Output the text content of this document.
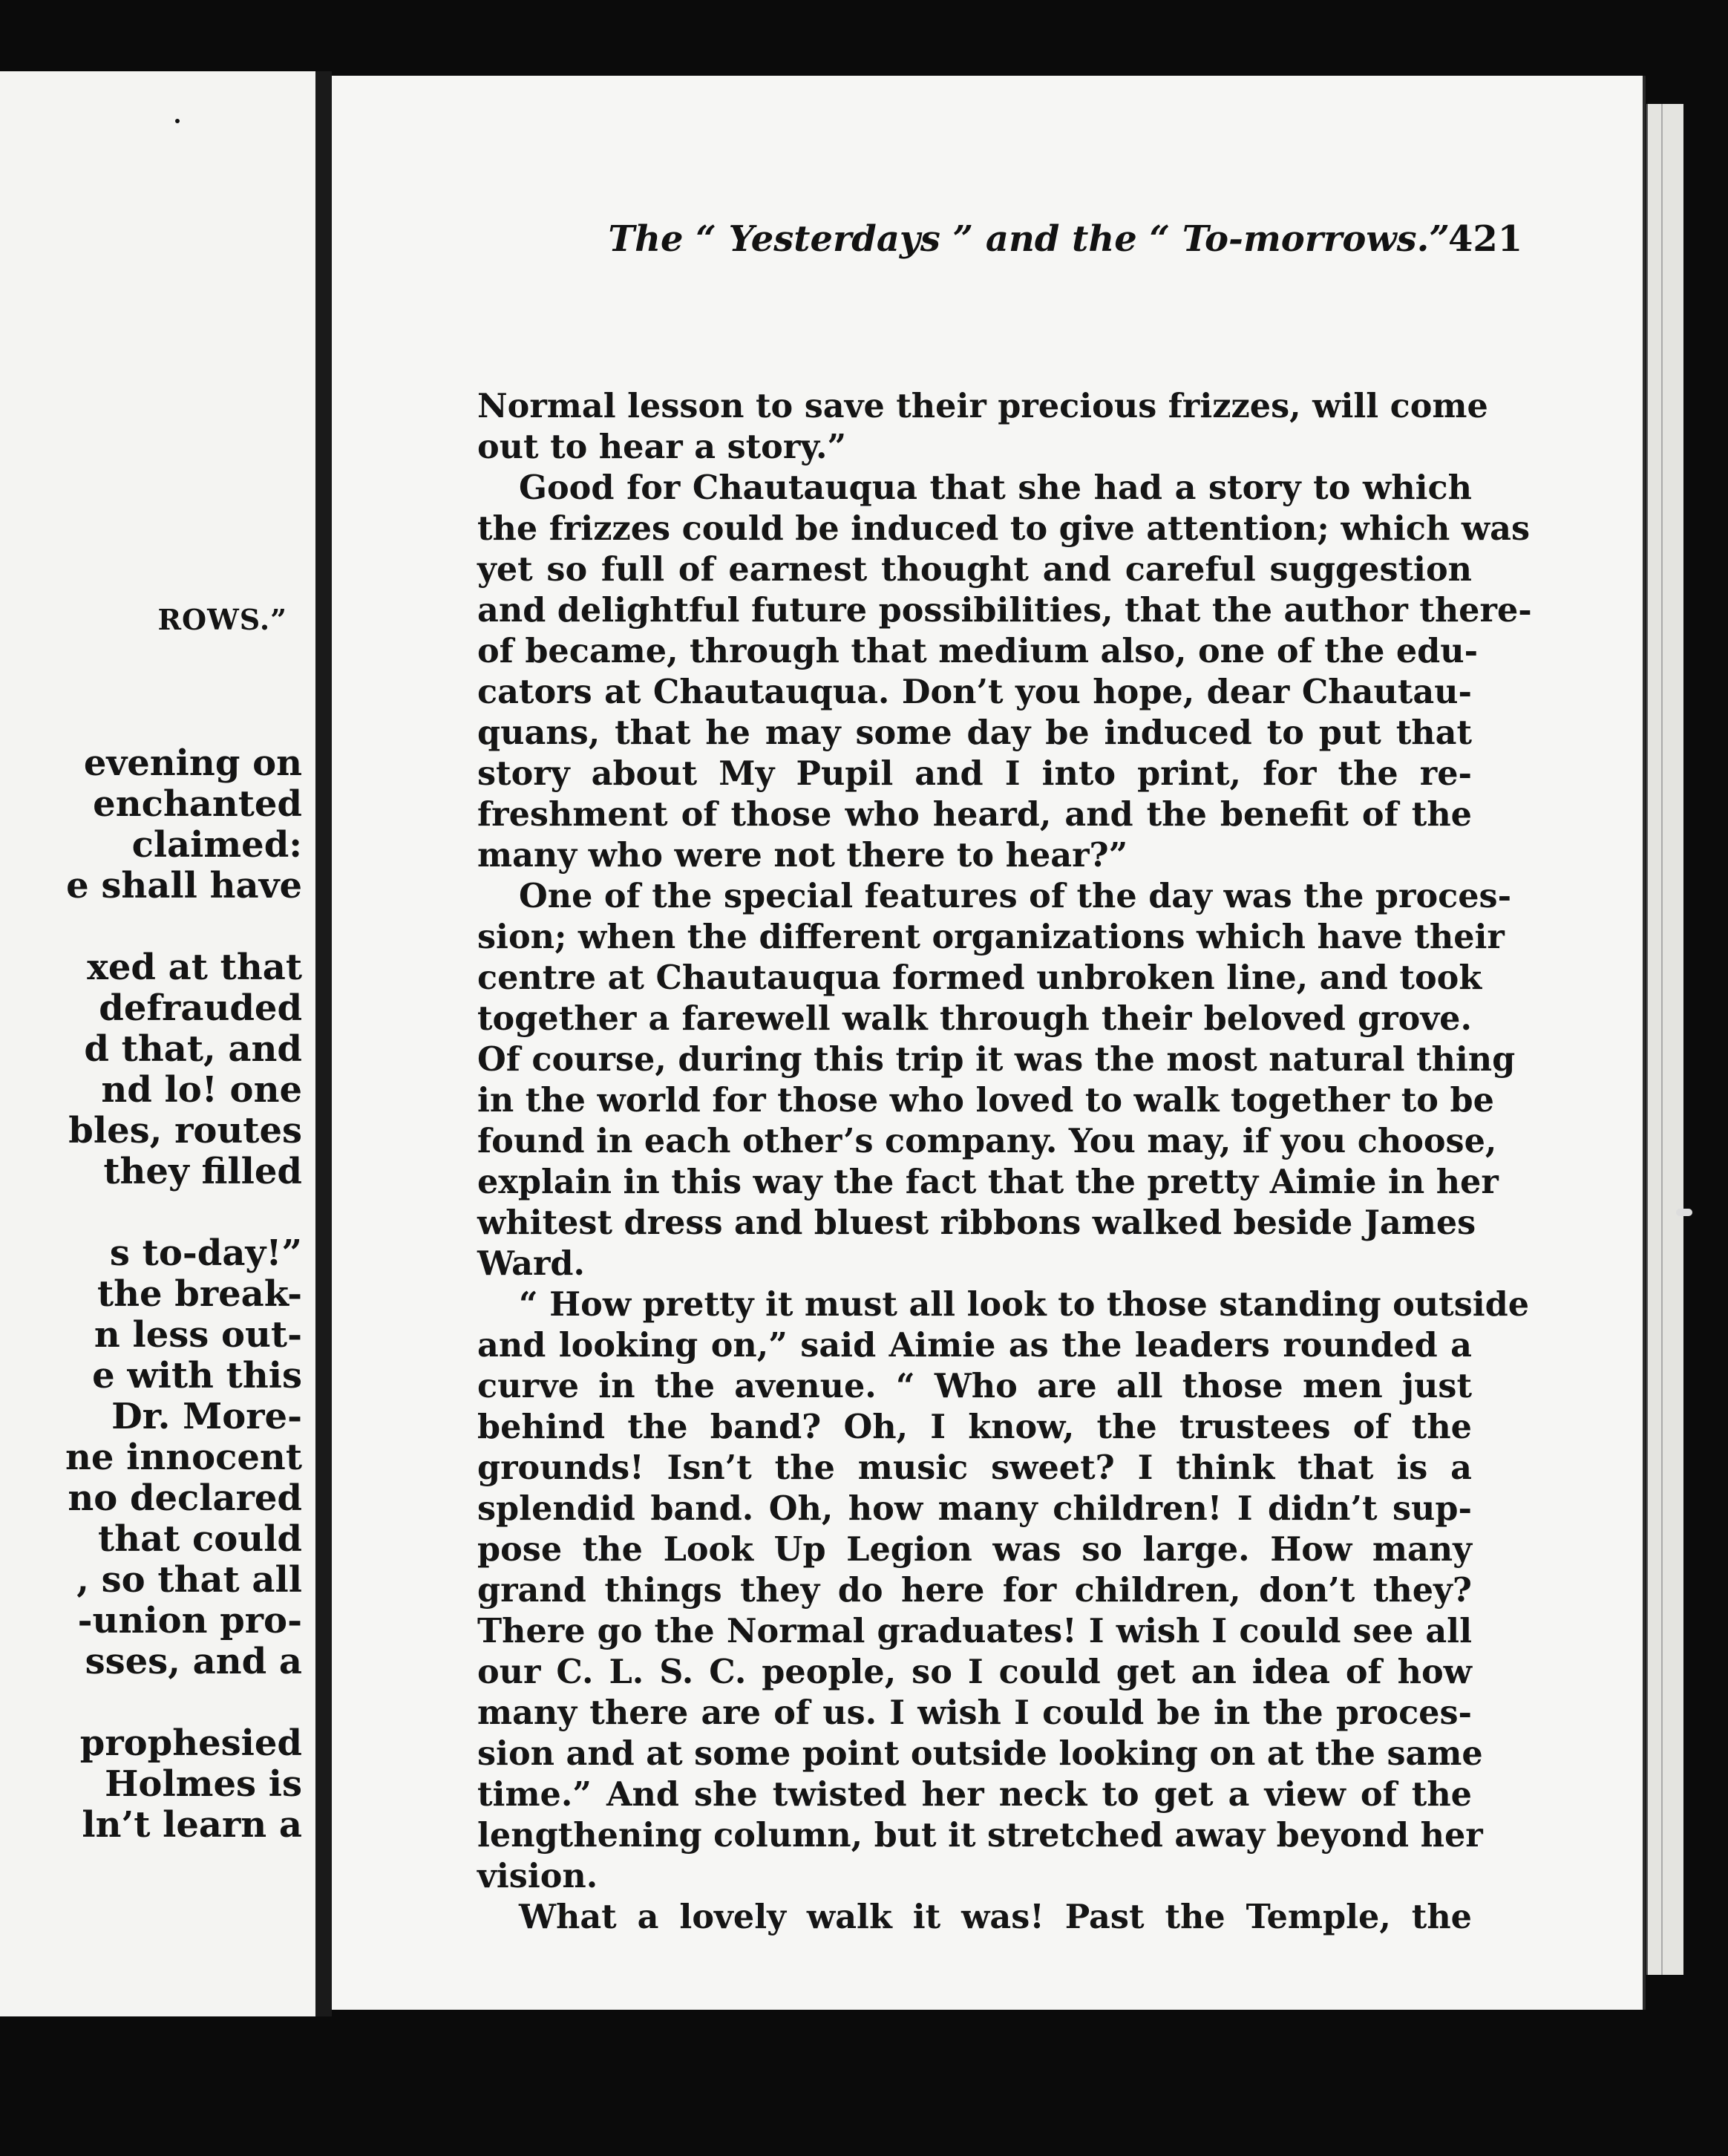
ROWS.”

evening on

enchanted

claimed:

e shall have

xed at that

defrauded

d that, and

nd lo! one

bles, routes

they filled

s to-day!”

the break-

n less out-

e with this

Dr. More-

ne innocent

no declared

that could

, so that all

-union pro-

sses, and a

prophesied

Holmes is

ln’t learn a

The “ Yesterdays ” and the “ To-morrows.”
421
Normal lesson to save their precious frizzes, will come
out to hear a story.”
Good for Chautauqua that she had a story to which
the frizzes could be induced to give attention; which was
yet so full of earnest thought and careful suggestion
and delightful future possibilities, that the author there-
of became, through that medium also, one of the edu-
cators at Chautauqua. Don’t you hope, dear Chautau-
quans, that he may some day be induced to put that
story about My Pupil and I into print, for the re-
freshment of those who heard, and the benefit of the
many who were not there to hear?”
One of the special features of the day was the proces-
sion; when the different organizations which have their
centre at Chautauqua formed unbroken line, and took
together a farewell walk through their beloved grove.
Of course, during this trip it was the most natural thing
in the world for those who loved to walk together to be
found in each other’s company. You may, if you choose,
explain in this way the fact that the pretty Aimie in her
whitest dress and bluest ribbons walked beside James
Ward.
“ How pretty it must all look to those standing outside
and looking on,” said Aimie as the leaders rounded a
curve in the avenue. “ Who are all those men just
behind the band? Oh, I know, the trustees of the
grounds! Isn’t the music sweet? I think that is a
splendid band. Oh, how many children! I didn’t sup-
pose the Look Up Legion was so large. How many
grand things they do here for children, don’t they?
There go the Normal graduates! I wish I could see all
our C. L. S. C. people, so I could get an idea of how
many there are of us. I wish I could be in the proces-
sion and at some point outside looking on at the same
time.” And she twisted her neck to get a view of the
lengthening column, but it stretched away beyond her
vision.
What a lovely walk it was! Past the Temple, the
